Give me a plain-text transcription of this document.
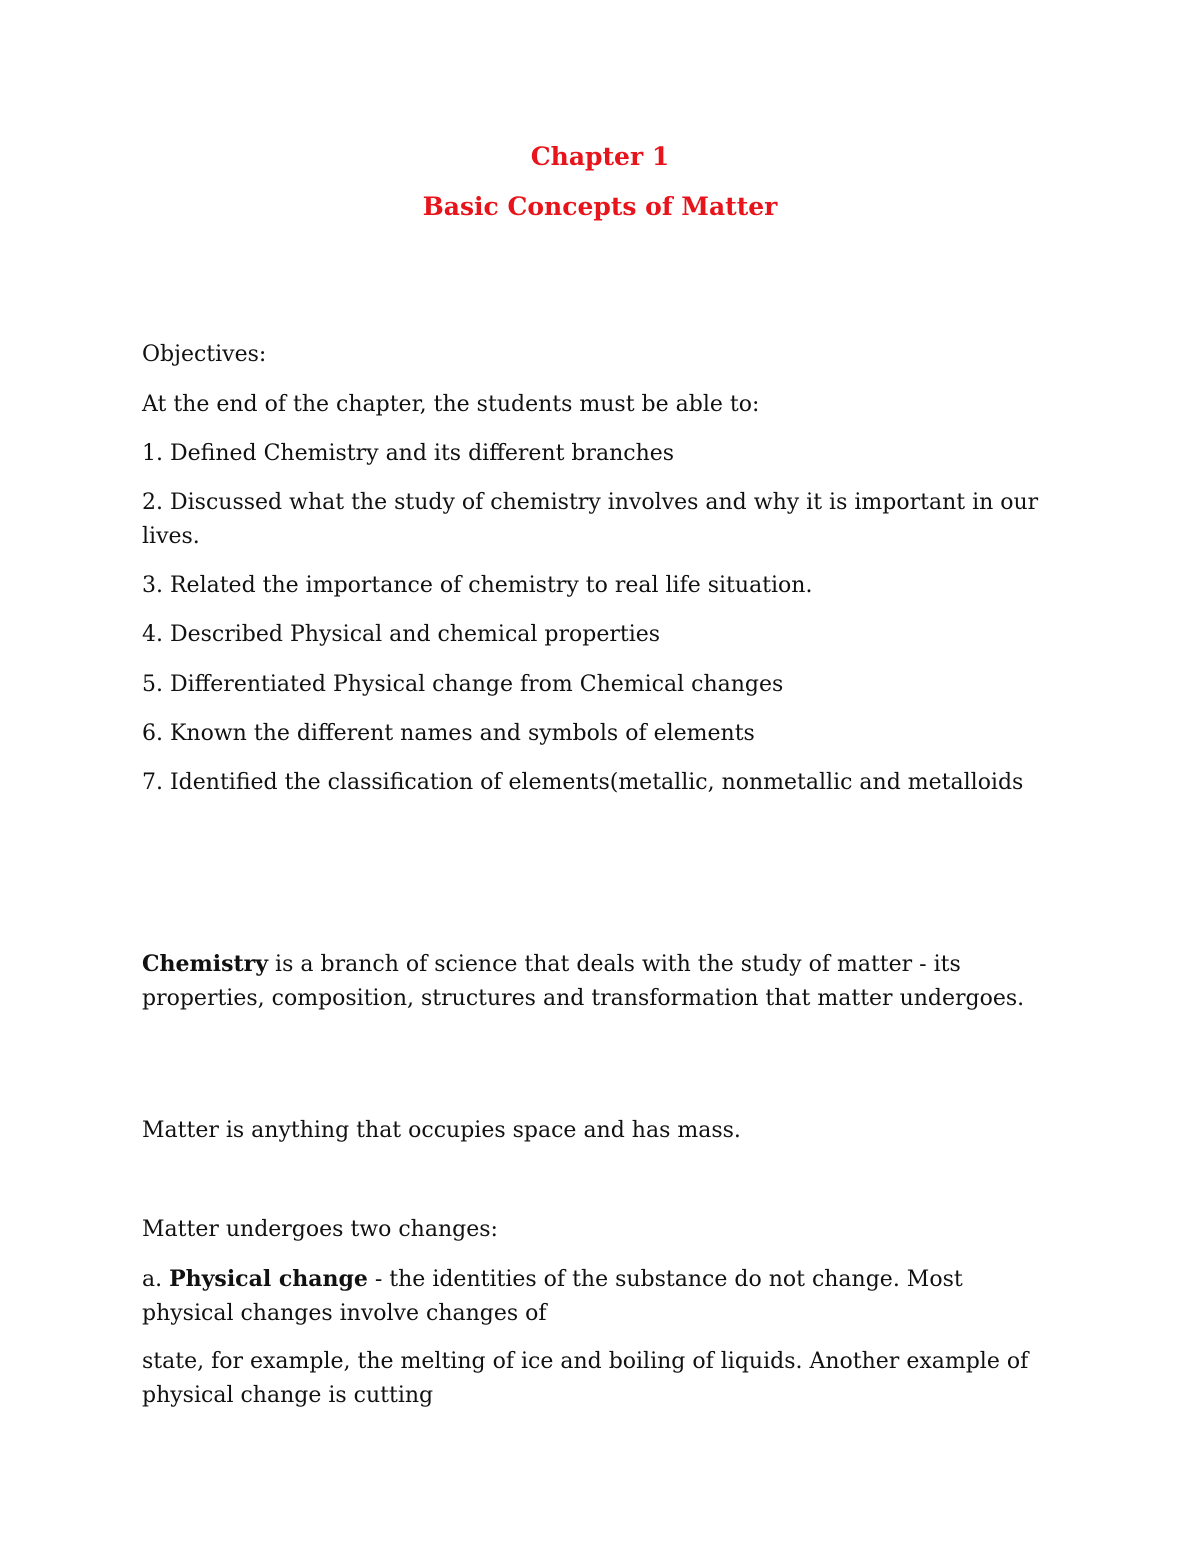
Chapter 1
Basic Concepts of Matter

Objectives:

At the end of the chapter, the students must be able to:

1. Defined Chemistry and its different branches

2. Discussed what the study of chemistry involves and why it is important in our lives.

3. Related the importance of chemistry to real life situation.

4. Described Physical and chemical properties

5. Differentiated Physical change from Chemical changes

6. Known the different names and symbols of elements

7. Identified the classification of elements(metallic, nonmetallic and metalloids

Chemistry is a branch of science that deals with the study of matter - its properties, composition, structures and transformation that matter undergoes.

Matter is anything that occupies space and has mass.

Matter undergoes two changes:

a. Physical change - the identities of the substance do not change. Most physical changes involve changes of

state, for example, the melting of ice and boiling of liquids. Another example of physical change is cutting
